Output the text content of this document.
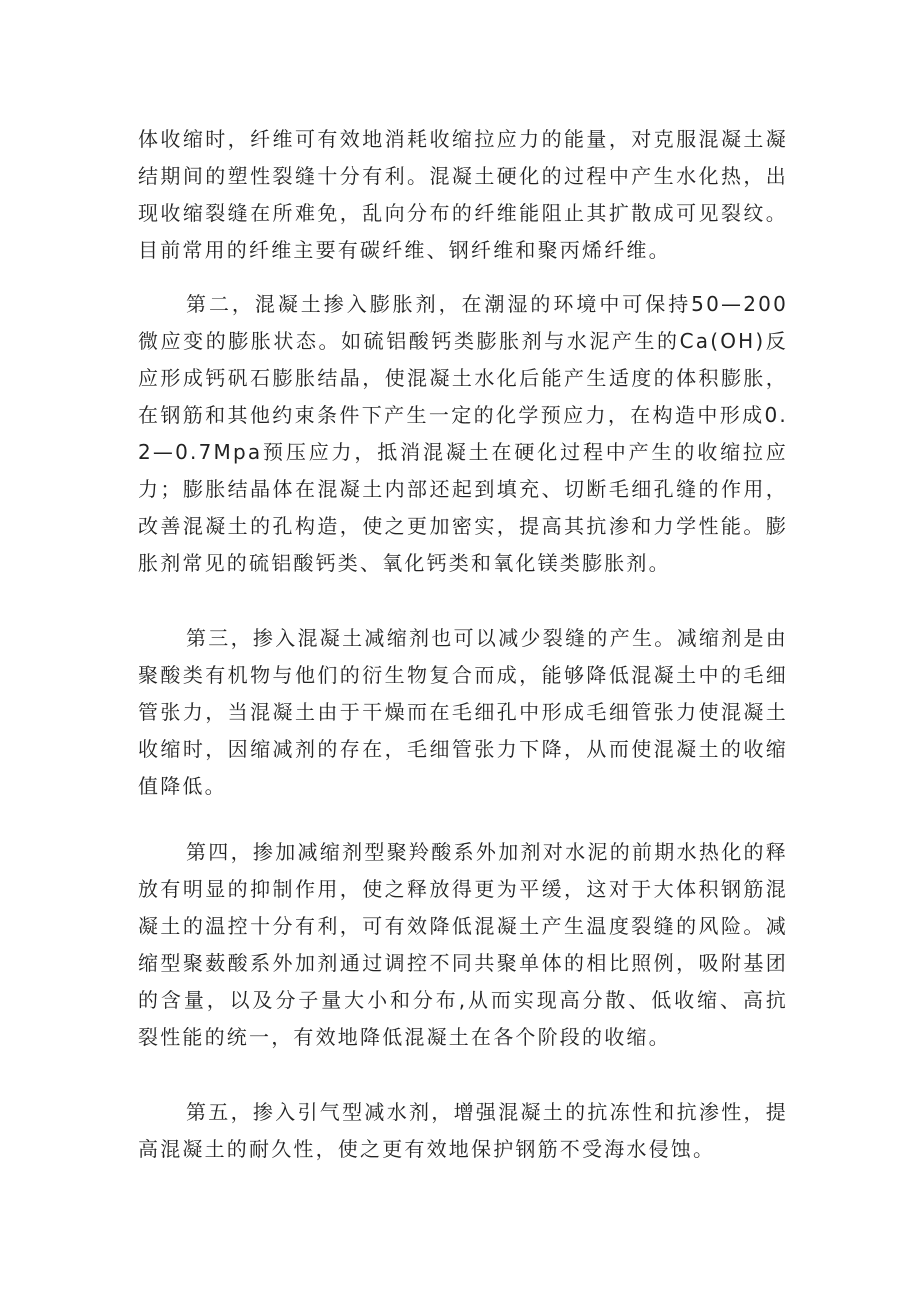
体收缩时，纤维可有效地消耗收缩拉应力的能量，对克服混凝土凝结期间的塑性裂缝十分有利。混凝土硬化的过程中产生水化热，出现收缩裂缝在所难免，乱向分布的纤维能阻止其扩散成可见裂纹。目前常用的纤维主要有碳纤维、钢纤维和聚丙烯纤维。

第二，混凝土掺入膨胀剂，在潮湿的环境中可保持50—200微应变的膨胀状态。如硫铝酸钙类膨胀剂与水泥产生的Ca(OH)反应形成钙矾石膨胀结晶，使混凝土水化后能产生适度的体积膨胀，在钢筋和其他约束条件下产生一定的化学预应力，在构造中形成0.2—0.7Mpa预压应力，抵消混凝土在硬化过程中产生的收缩拉应力；膨胀结晶体在混凝土内部还起到填充、切断毛细孔缝的作用，改善混凝土的孔构造，使之更加密实，提高其抗渗和力学性能。膨胀剂常见的硫铝酸钙类、氧化钙类和氧化镁类膨胀剂。

第三，掺入混凝土减缩剂也可以减少裂缝的产生。减缩剂是由聚酸类有机物与他们的衍生物复合而成，能够降低混凝土中的毛细管张力，当混凝土由于干燥而在毛细孔中形成毛细管张力使混凝土收缩时，因缩减剂的存在，毛细管张力下降，从而使混凝土的收缩值降低。

第四，掺加减缩剂型聚羚酸系外加剂对水泥的前期水热化的释放有明显的抑制作用，使之释放得更为平缓，这对于大体积钢筋混凝土的温控十分有利，可有效降低混凝土产生温度裂缝的风险。减缩型聚薮酸系外加剂通过调控不同共聚单体的相比照例，吸附基团的含量，以及分子量大小和分布,从而实现高分散、低收缩、高抗裂性能的统一，有效地降低混凝土在各个阶段的收缩。

第五，掺入引气型减水剂，增强混凝土的抗冻性和抗渗性，提高混凝土的耐久性，使之更有效地保护钢筋不受海水侵蚀。
